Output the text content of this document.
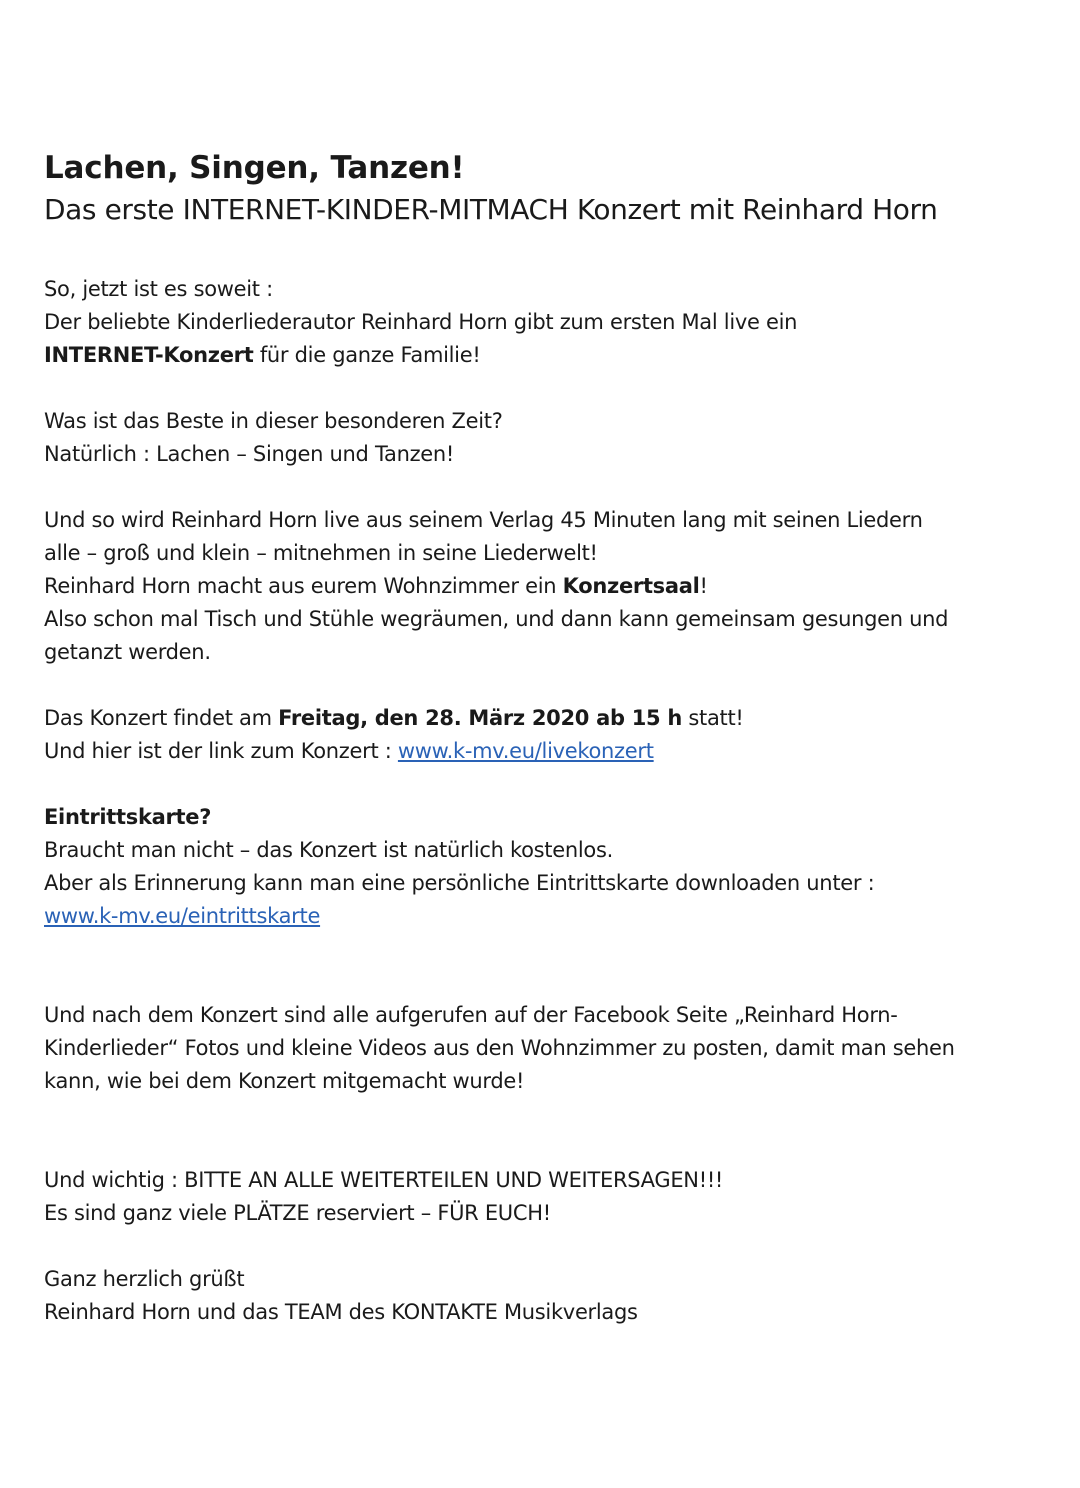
Lachen, Singen, Tanzen!
Das erste INTERNET-KINDER-MITMACH Konzert mit Reinhard Horn
So, jetzt ist es soweit :
Der beliebte Kinderliederautor Reinhard Horn gibt zum ersten Mal live ein
INTERNET-Konzert für die ganze Familie!
Was ist das Beste in dieser besonderen Zeit?
Natürlich : Lachen – Singen und Tanzen!
Und so wird Reinhard Horn live aus seinem Verlag 45 Minuten lang mit seinen Liedern
alle – groß und klein – mitnehmen in seine Liederwelt!
Reinhard Horn macht aus eurem Wohnzimmer ein Konzertsaal!
Also schon mal Tisch und Stühle wegräumen, und dann kann gemeinsam gesungen und
getanzt werden.
Das Konzert findet am Freitag, den 28. März 2020 ab 15 h statt!
Und hier ist der link zum Konzert : www.k-mv.eu/livekonzert
Eintrittskarte?
Braucht man nicht – das Konzert ist natürlich kostenlos.
Aber als Erinnerung kann man eine persönliche Eintrittskarte downloaden unter :
www.k-mv.eu/eintrittskarte
Und nach dem Konzert sind alle aufgerufen auf der Facebook Seite „Reinhard Horn-
Kinderlieder“ Fotos und kleine Videos aus den Wohnzimmer zu posten, damit man sehen
kann, wie bei dem Konzert mitgemacht wurde!
Und wichtig : BITTE AN ALLE WEITERTEILEN UND WEITERSAGEN!!!
Es sind ganz viele PLÄTZE reserviert – FÜR EUCH!
Ganz herzlich grüßt
Reinhard Horn und das TEAM des KONTAKTE Musikverlags
